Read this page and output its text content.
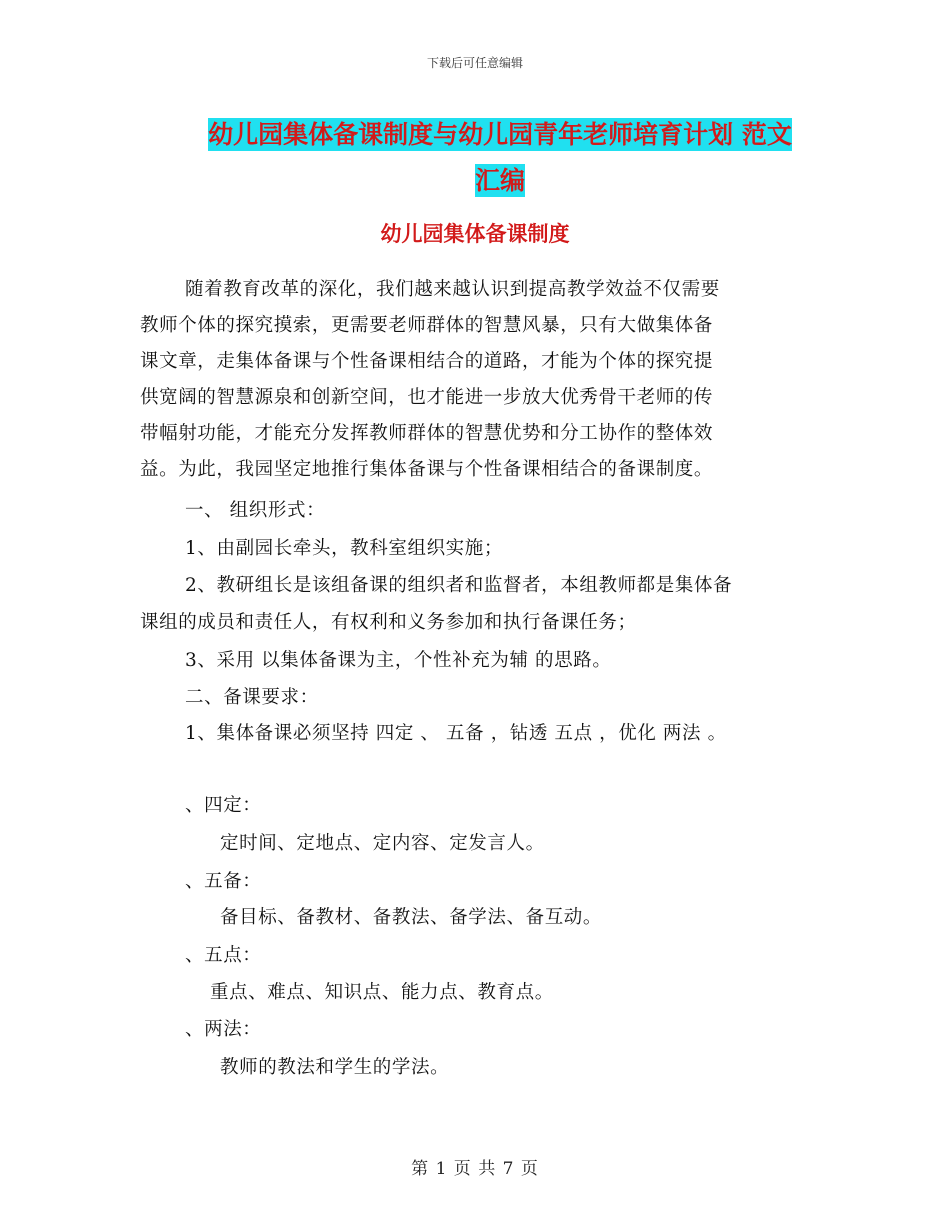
下载后可任意编辑
幼儿园集体备课制度与幼儿园青年老师培育计划 范文
汇编
幼儿园集体备课制度

随着教育改革的深化，我们越来越认识到提高教学效益不仅需要

教师个体的探究摸索，更需要老师群体的智慧风暴，只有大做集体备

课文章，走集体备课与个性备课相结合的道路，才能为个体的探究提

供宽阔的智慧源泉和创新空间，也才能进一步放大优秀骨干老师的传

带幅射功能，才能充分发挥教师群体的智慧优势和分工协作的整体效

益。为此，我园坚定地推行集体备课与个性备课相结合的备课制度。

一、 组织形式：

1、由副园长牵头，教科室组织实施；

2、教研组长是该组备课的组织者和监督者，本组教师都是集体备

课组的成员和责任人，有权利和义务参加和执行备课任务；

3、采用 以集体备课为主，个性补充为辅 的思路。

二、备课要求：

1、集体备课必须坚持 四定 、 五备 ，钻透 五点 ，优化 两法 。

、四定：

定时间、定地点、定内容、定发言人。

、五备：

备目标、备教材、备教法、备学法、备互动。

、五点：

重点、难点、知识点、能力点、教育点。

、两法：

教师的教法和学生的学法。

第 1 页 共 7 页
